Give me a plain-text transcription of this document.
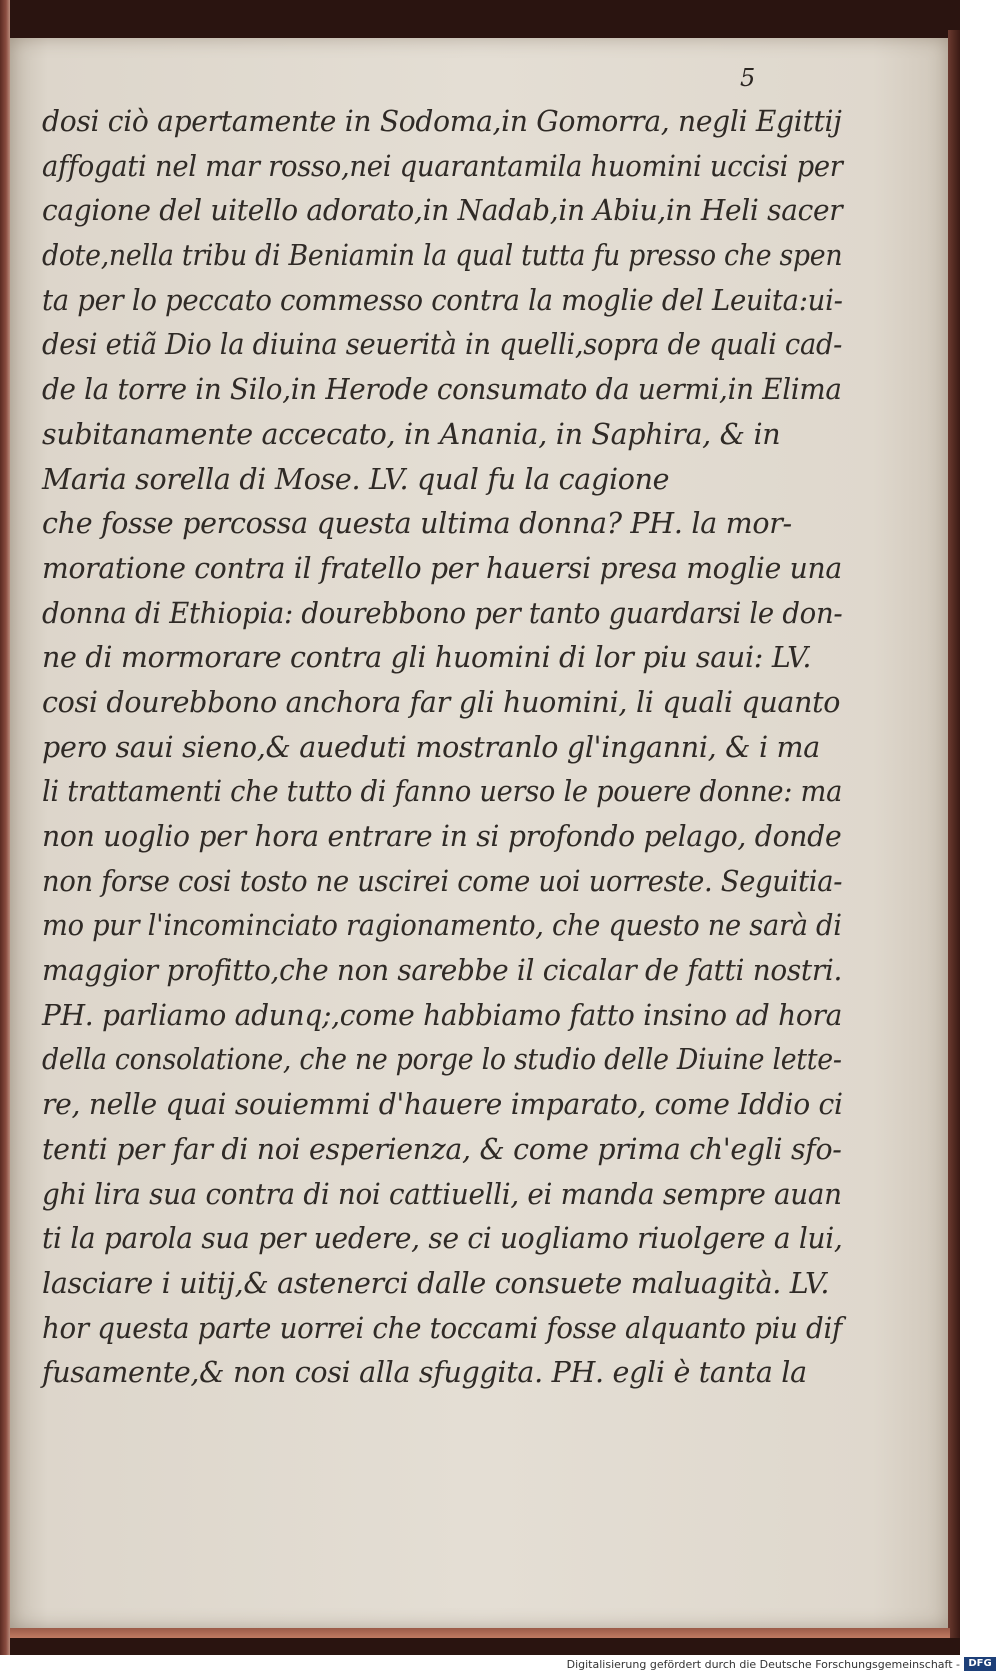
5
dosi ciò apertamente in Sodoma,in Gomorra, negli Egittij
affogati nel mar rosso,nei quarantamila huomini uccisi per
cagione del uitello adorato,in Nadab,in Abiu,in Heli sacer
dote,nella tribu di Beniamin la qual tutta fu presso che spen
ta per lo peccato commesso contra la moglie del Leuita:ui-
desi etiã Dio la diuina seuerità in quelli,sopra de quali cad-
de la torre in Silo,in Herode consumato da uermi,in Elima
subitanamente accecato, in Anania, in Saphira, & in
Maria sorella di Mose. LV. qual fu la cagione
che fosse percossa questa ultima donna? PH. la mor-
moratione contra il fratello per hauersi presa moglie una
donna di Ethiopia: dourebbono per tanto guardarsi le don-
ne di mormorare contra gli huomini di lor piu saui: LV.
cosi dourebbono anchora far gli huomini, li quali quanto
pero saui sieno,& aueduti mostranlo gl'inganni, & i ma
li trattamenti che tutto di fanno uerso le pouere donne: ma
non uoglio per hora entrare in si profondo pelago, donde
non forse cosi tosto ne uscirei come uoi uorreste. Seguitia-
mo pur l'incominciato ragionamento, che questo ne sarà di
maggior profitto,che non sarebbe il cicalar de fatti nostri.
PH. parliamo adunq;,come habbiamo fatto insino ad hora
della consolatione, che ne porge lo studio delle Diuine lette-
re, nelle quai souiemmi d'hauere imparato, come Iddio ci
tenti per far di noi esperienza, & come prima ch'egli sfo-
ghi lira sua contra di noi cattiuelli, ei manda sempre auan
ti la parola sua per uedere, se ci uogliamo riuolgere a lui,
lasciare i uitij,& astenerci dalle consuete maluagità. LV.
hor questa parte uorrei che toccami fosse alquanto piu dif
fusamente,& non cosi alla sfuggita. PH. egli è tanta la
Digitalisierung gefördert durch die Deutsche Forschungsgemeinschaft - DFG
